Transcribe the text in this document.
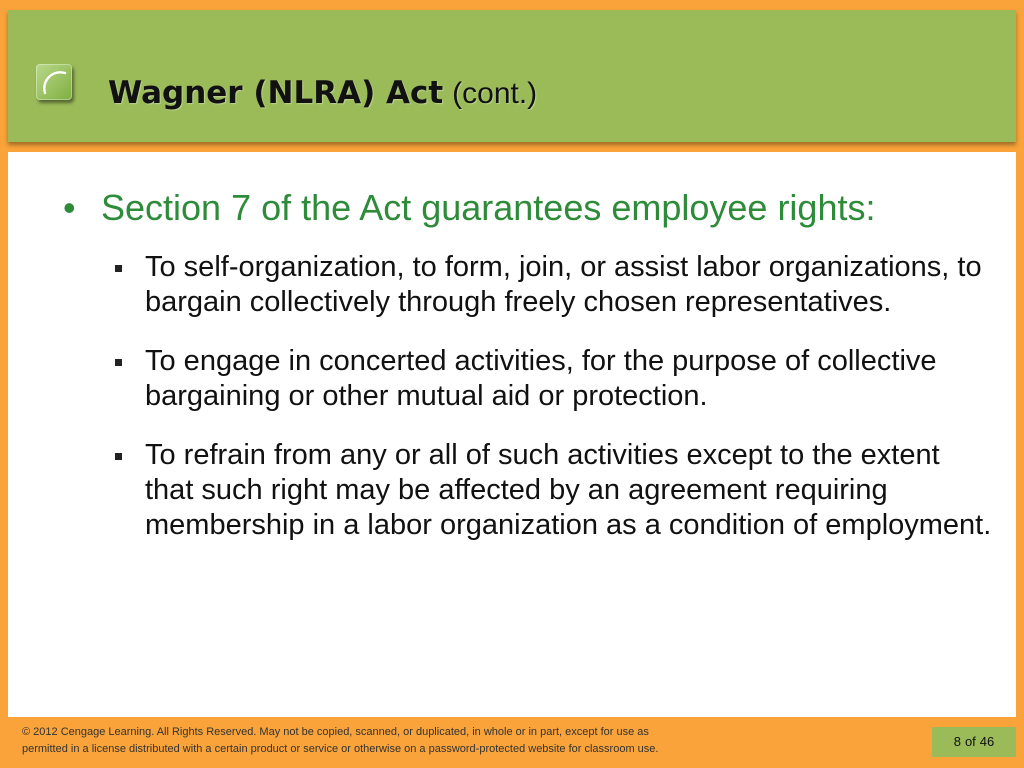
Wagner (NLRA) Act (cont.)
• Section 7 of the Act guarantees employee rights:
To self-organization, to form, join, or assist labor organizations, to bargain collectively through freely chosen representatives.
To engage in concerted activities, for the purpose of collective bargaining or other mutual aid or protection.
To refrain from any or all of such activities except to the extent that such right may be affected by an agreement requiring membership in a labor organization as a condition of employment.
© 2012 Cengage Learning. All Rights Reserved. May not be copied, scanned, or duplicated, in whole or in part, except for use as
permitted in a license distributed with a certain product or service or otherwise on a password-protected website for classroom use.	8 of 46
